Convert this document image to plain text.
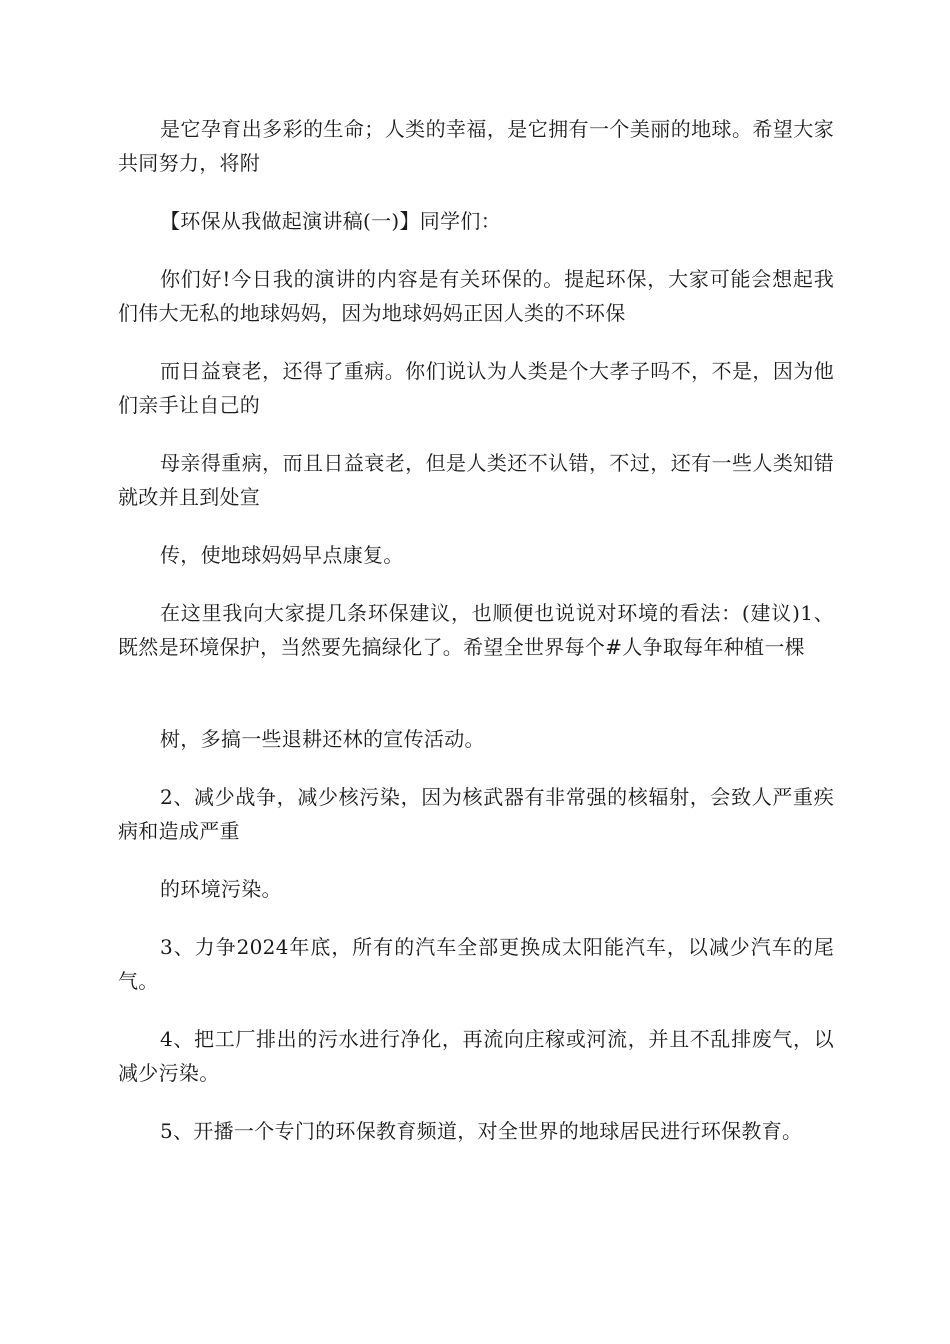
是它孕育出多彩的生命；人类的幸福，是它拥有一个美丽的地球。希望大家共同努力，将附

【环保从我做起演讲稿(一)】同学们：

你们好!今日我的演讲的内容是有关环保的。提起环保，大家可能会想起我们伟大无私的地球妈妈，因为地球妈妈正因人类的不环保

而日益衰老，还得了重病。你们说认为人类是个大孝子吗不，不是，因为他们亲手让自己的

母亲得重病，而且日益衰老，但是人类还不认错，不过，还有一些人类知错就改并且到处宣

传，使地球妈妈早点康复。

在这里我向大家提几条环保建议，也顺便也说说对环境的看法：(建议)1、既然是环境保护，当然要先搞绿化了。希望全世界每个#人争取每年种植一棵

树，多搞一些退耕还林的宣传活动。

2、减少战争，减少核污染，因为核武器有非常强的核辐射，会致人严重疾病和造成严重

的环境污染。

3、力争2024年底，所有的汽车全部更换成太阳能汽车，以减少汽车的尾气。

4、把工厂排出的污水进行净化，再流向庄稼或河流，并且不乱排废气，以减少污染。

5、开播一个专门的环保教育频道，对全世界的地球居民进行环保教育。
